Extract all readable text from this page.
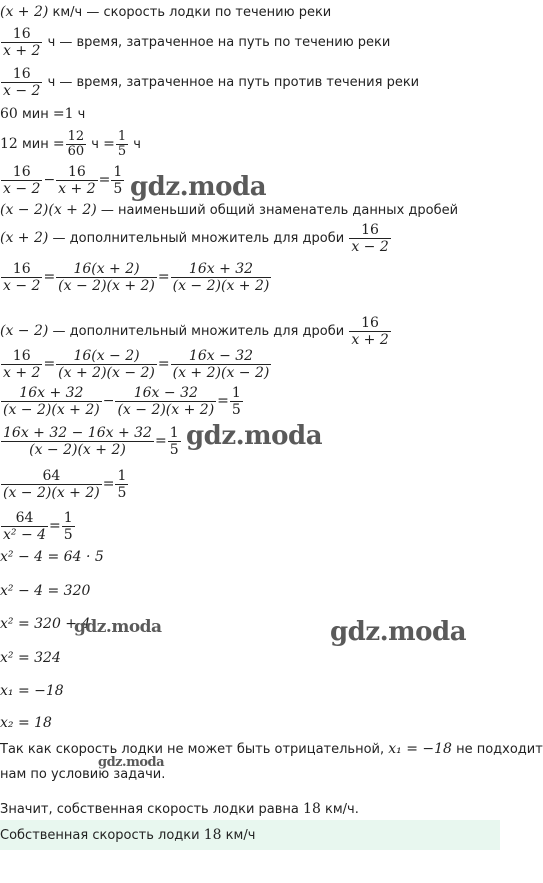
(x + 2) км/ч — скорость лодки по течению реки
$\frac{16}{x + 2}$ ч — время, затраченное на путь по течению реки
$\frac{16}{x - 2}$ ч — время, затраченное на путь против течения реки
60 мин =1 ч
12 мин = $\frac{12}{60}$ $ч = \frac{1}{5}$ ч
$\frac{16}{x - 2} - \frac{16}{x + 2} = \frac{1}{5}$
(x − 2)(x + 2) — наименьший общий знаменатель данных дробей
(x + 2) — дополнительный множитель для дроби $\frac{16}{x - 2}$
$\frac{16}{x - 2} = \frac{16(x + 2)}{(x - 2)(x + 2)} = \frac{16x + 32}{(x - 2)(x + 2)}$
(x − 2) — дополнительный множитель для дроби $\frac{16}{x + 2}$
$\frac{16}{x + 2} = \frac{16(x - 2)}{(x + 2)(x - 2)} = \frac{16x - 32}{(x + 2)(x - 2)}$
$\frac{16x + 32}{(x - 2)(x + 2)} - \frac{16x - 32}{(x - 2)(x + 2)} = \frac{1}{5}$
$\frac{16x + 32 - 16x + 32}{(x - 2)(x + 2)} = \frac{1}{5}$
$\frac{64}{(x - 2)(x + 2)} = \frac{1}{5}$
$\frac{64}{\text{x² − 4}} = \frac{1}{5}$
x² − 4 = 64 · 5
x² − 4 = 320
x² = 320 + 4
x² = 324
x₁ = −18
x₂ = 18
Так как скорость лодки не может быть отрицательной, x₁ = −18 не подходит
нам по условию задачи.
Значит, собственная скорость лодки равна 18 км/ч.
Собственная скорость лодки 18 км/ч
gdz.moda
gdz.moda
gdz.moda	gdz.moda
gdz.moda
